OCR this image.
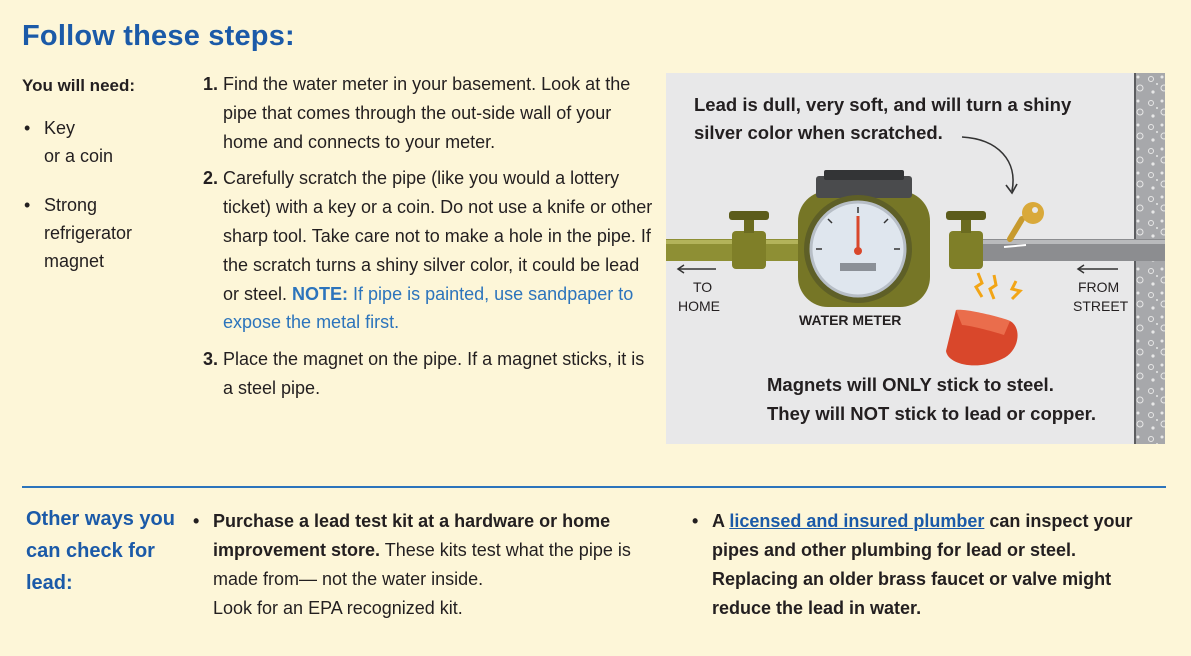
Follow these steps:
You will need:
• Key
or a coin
• Strong
refrigerator
magnet
1. Find the water meter in your basement. Look at the pipe that comes through the out-side wall of your home and connects to your meter.
2. Carefully scratch the pipe (like you would a lottery ticket) with a key or a coin. Do not use a knife or other sharp tool. Take care not to make a hole in the pipe. If the scratch turns a shiny silver color, it could be lead or steel. NOTE: If pipe is painted, use sandpaper to expose the metal first.
3. Place the magnet on the pipe. If a magnet sticks, it is a steel pipe.
Lead is dull, very soft, and will turn a shiny
silver color when scratched.
TO
HOME
FROM
STREET
WATER METER
Magnets will ONLY stick to steel.
They will NOT stick to lead or copper.
Other ways you can check for lead:
• Purchase a lead test kit at a hardware or home improvement store. These kits test what the pipe is made from— not the water inside.
Look for an EPA recognized kit.
• A licensed and insured plumber can inspect your pipes and other plumbing for lead or steel. Replacing an older brass faucet or valve might reduce the lead in water.
